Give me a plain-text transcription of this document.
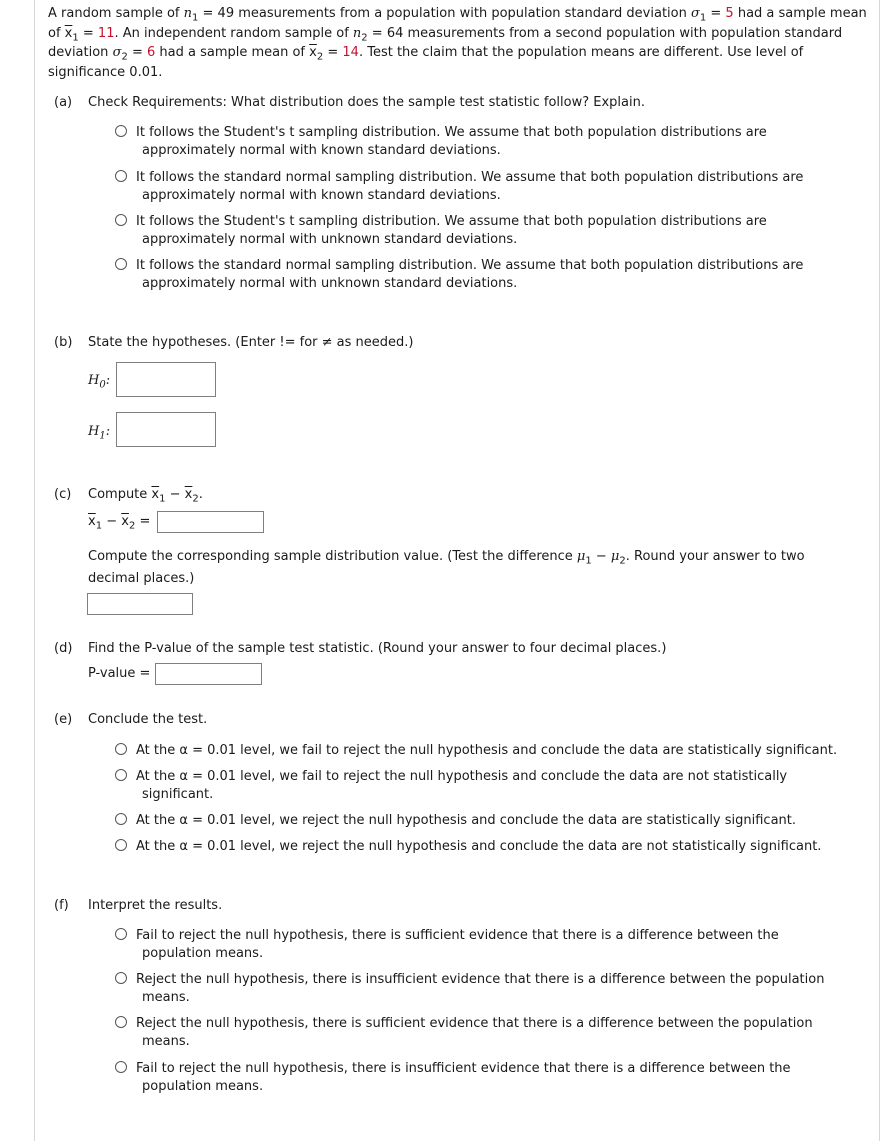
A random sample of $n_1 = 49$ measurements from a population with population standard deviation $\sigma_1 = 5$ had a sample mean of $\overline{x}_1 = 11$. An independent random sample of $n_2 = 64$ measurements from a second population with population standard deviation $\sigma_2 = 6$ had a sample mean of $\overline{x}_2 = 14$. Test the claim that the population means are different. Use level of significance 0.01.
(a) Check Requirements: What distribution does the sample test statistic follow? Explain.
It follows the Student's t sampling distribution. We assume that both population distributions are
approximately normal with known standard deviations.
It follows the standard normal sampling distribution. We assume that both population distributions are
approximately normal with known standard deviations.
It follows the Student's t sampling distribution. We assume that both population distributions are
approximately normal with unknown standard deviations.
It follows the standard normal sampling distribution. We assume that both population distributions are
approximately normal with unknown standard deviations.
(b) State the hypotheses. (Enter != for ≠ as needed.)
$H_0$:
$H_1$:
(c) Compute $\overline{x}_1 - \overline{x}_2$.
$\overline{x}_1 - \overline{x}_2$ =
Compute the corresponding sample distribution value. (Test the difference $\mu_1 - \mu_2$. Round your answer to two
decimal places.)
(d) Find the P-value of the sample test statistic. (Round your answer to four decimal places.)
P-value =
(e) Conclude the test.
At the α = 0.01 level, we fail to reject the null hypothesis and conclude the data are statistically significant.
At the α = 0.01 level, we fail to reject the null hypothesis and conclude the data are not statistically
significant.
At the α = 0.01 level, we reject the null hypothesis and conclude the data are statistically significant.
At the α = 0.01 level, we reject the null hypothesis and conclude the data are not statistically significant.
(f) Interpret the results.
Fail to reject the null hypothesis, there is sufficient evidence that there is a difference between the
population means.
Reject the null hypothesis, there is insufficient evidence that there is a difference between the population
means.
Reject the null hypothesis, there is sufficient evidence that there is a difference between the population
means.
Fail to reject the null hypothesis, there is insufficient evidence that there is a difference between the
population means.
